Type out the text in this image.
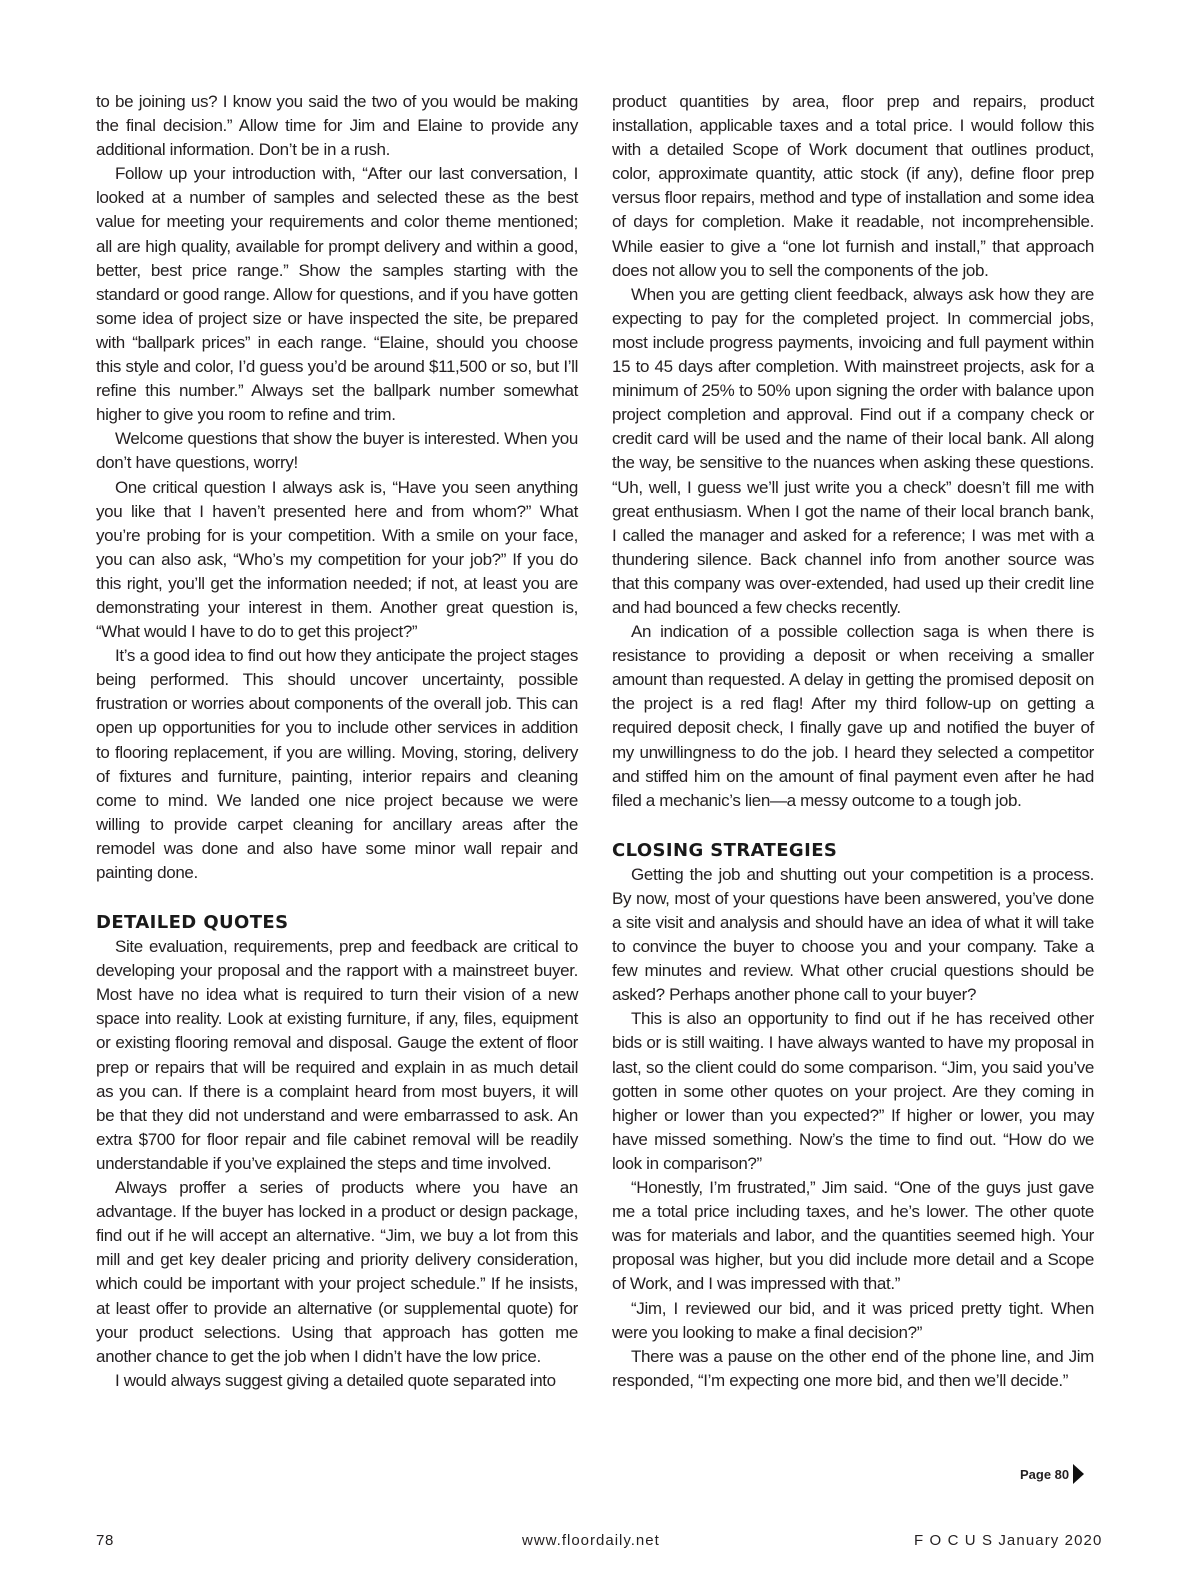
to be joining us? I know you said the two of you would be making the final decision.” Allow time for Jim and Elaine to provide any additional information. Don’t be in a rush.

Follow up your introduction with, “After our last conversation, I looked at a number of samples and selected these as the best value for meeting your requirements and color theme mentioned; all are high quality, available for prompt delivery and within a good, better, best price range.” Show the samples starting with the standard or good range. Allow for questions, and if you have gotten some idea of project size or have inspected the site, be prepared with “ballpark prices” in each range. “Elaine, should you choose this style and color, I’d guess you’d be around $11,500 or so, but I’ll refine this number.” Always set the ballpark number somewhat higher to give you room to refine and trim.

Welcome questions that show the buyer is interested. When you don’t have questions, worry!

One critical question I always ask is, “Have you seen anything you like that I haven’t presented here and from whom?” What you’re probing for is your competition. With a smile on your face, you can also ask, “Who’s my competition for your job?” If you do this right, you’ll get the information needed; if not, at least you are demonstrating your interest in them. Another great question is, “What would I have to do to get this project?”

It’s a good idea to find out how they anticipate the project stages being performed. This should uncover uncertainty, possible frustration or worries about components of the overall job. This can open up opportunities for you to include other services in addition to flooring replacement, if you are willing. Moving, storing, delivery of fixtures and furniture, painting, interior repairs and cleaning come to mind. We landed one nice project because we were willing to provide carpet cleaning for ancillary areas after the remodel was done and also have some minor wall repair and painting done.

DETAILED QUOTES

Site evaluation, requirements, prep and feedback are critical to developing your proposal and the rapport with a mainstreet buyer. Most have no idea what is required to turn their vision of a new space into reality. Look at existing furniture, if any, files, equipment or existing flooring removal and disposal. Gauge the extent of floor prep or repairs that will be required and explain in as much detail as you can. If there is a complaint heard from most buyers, it will be that they did not understand and were embarrassed to ask. An extra $700 for floor repair and file cabinet removal will be readily understandable if you’ve explained the steps and time involved.

Always proffer a series of products where you have an advantage. If the buyer has locked in a product or design package, find out if he will accept an alternative. “Jim, we buy a lot from this mill and get key dealer pricing and priority delivery consideration, which could be important with your project schedule.” If he insists, at least offer to provide an alternative (or supplemental quote) for your product selections. Using that approach has gotten me another chance to get the job when I didn’t have the low price.

I would always suggest giving a detailed quote separated into

product quantities by area, floor prep and repairs, product installation, applicable taxes and a total price. I would follow this with a detailed Scope of Work document that outlines product, color, approximate quantity, attic stock (if any), define floor prep versus floor repairs, method and type of installation and some idea of days for completion. Make it readable, not incomprehensible. While easier to give a “one lot furnish and install,” that approach does not allow you to sell the components of the job.

When you are getting client feedback, always ask how they are expecting to pay for the completed project. In commercial jobs, most include progress payments, invoicing and full payment within 15 to 45 days after completion. With mainstreet projects, ask for a minimum of 25% to 50% upon signing the order with balance upon project completion and approval. Find out if a company check or credit card will be used and the name of their local bank. All along the way, be sensitive to the nuances when asking these questions. “Uh, well, I guess we’ll just write you a check” doesn’t fill me with great enthusiasm. When I got the name of their local branch bank, I called the manager and asked for a reference; I was met with a thundering silence. Back channel info from another source was that this company was over-extended, had used up their credit line and had bounced a few checks recently.

An indication of a possible collection saga is when there is resistance to providing a deposit or when receiving a smaller amount than requested. A delay in getting the promised deposit on the project is a red flag! After my third follow-up on getting a required deposit check, I finally gave up and notified the buyer of my unwillingness to do the job. I heard they selected a competitor and stiffed him on the amount of final payment even after he had filed a mechanic’s lien—a messy outcome to a tough job.

CLOSING STRATEGIES

Getting the job and shutting out your competition is a process. By now, most of your questions have been answered, you’ve done a site visit and analysis and should have an idea of what it will take to convince the buyer to choose you and your company. Take a few minutes and review. What other crucial questions should be asked? Perhaps another phone call to your buyer?

This is also an opportunity to find out if he has received other bids or is still waiting. I have always wanted to have my proposal in last, so the client could do some comparison. “Jim, you said you’ve gotten in some other quotes on your project. Are they coming in higher or lower than you expected?” If higher or lower, you may have missed something. Now’s the time to find out. “How do we look in comparison?”

“Honestly, I’m frustrated,” Jim said. “One of the guys just gave me a total price including taxes, and he’s lower. The other quote was for materials and labor, and the quantities seemed high. Your proposal was higher, but you did include more detail and a Scope of Work, and I was impressed with that.”

“Jim, I reviewed our bid, and it was priced pretty tight. When were you looking to make a final decision?”

There was a pause on the other end of the phone line, and Jim responded, “I’m expecting one more bid, and then we’ll decide.”

Page 80
78	www.floordaily.net	F O C U S January 2020
